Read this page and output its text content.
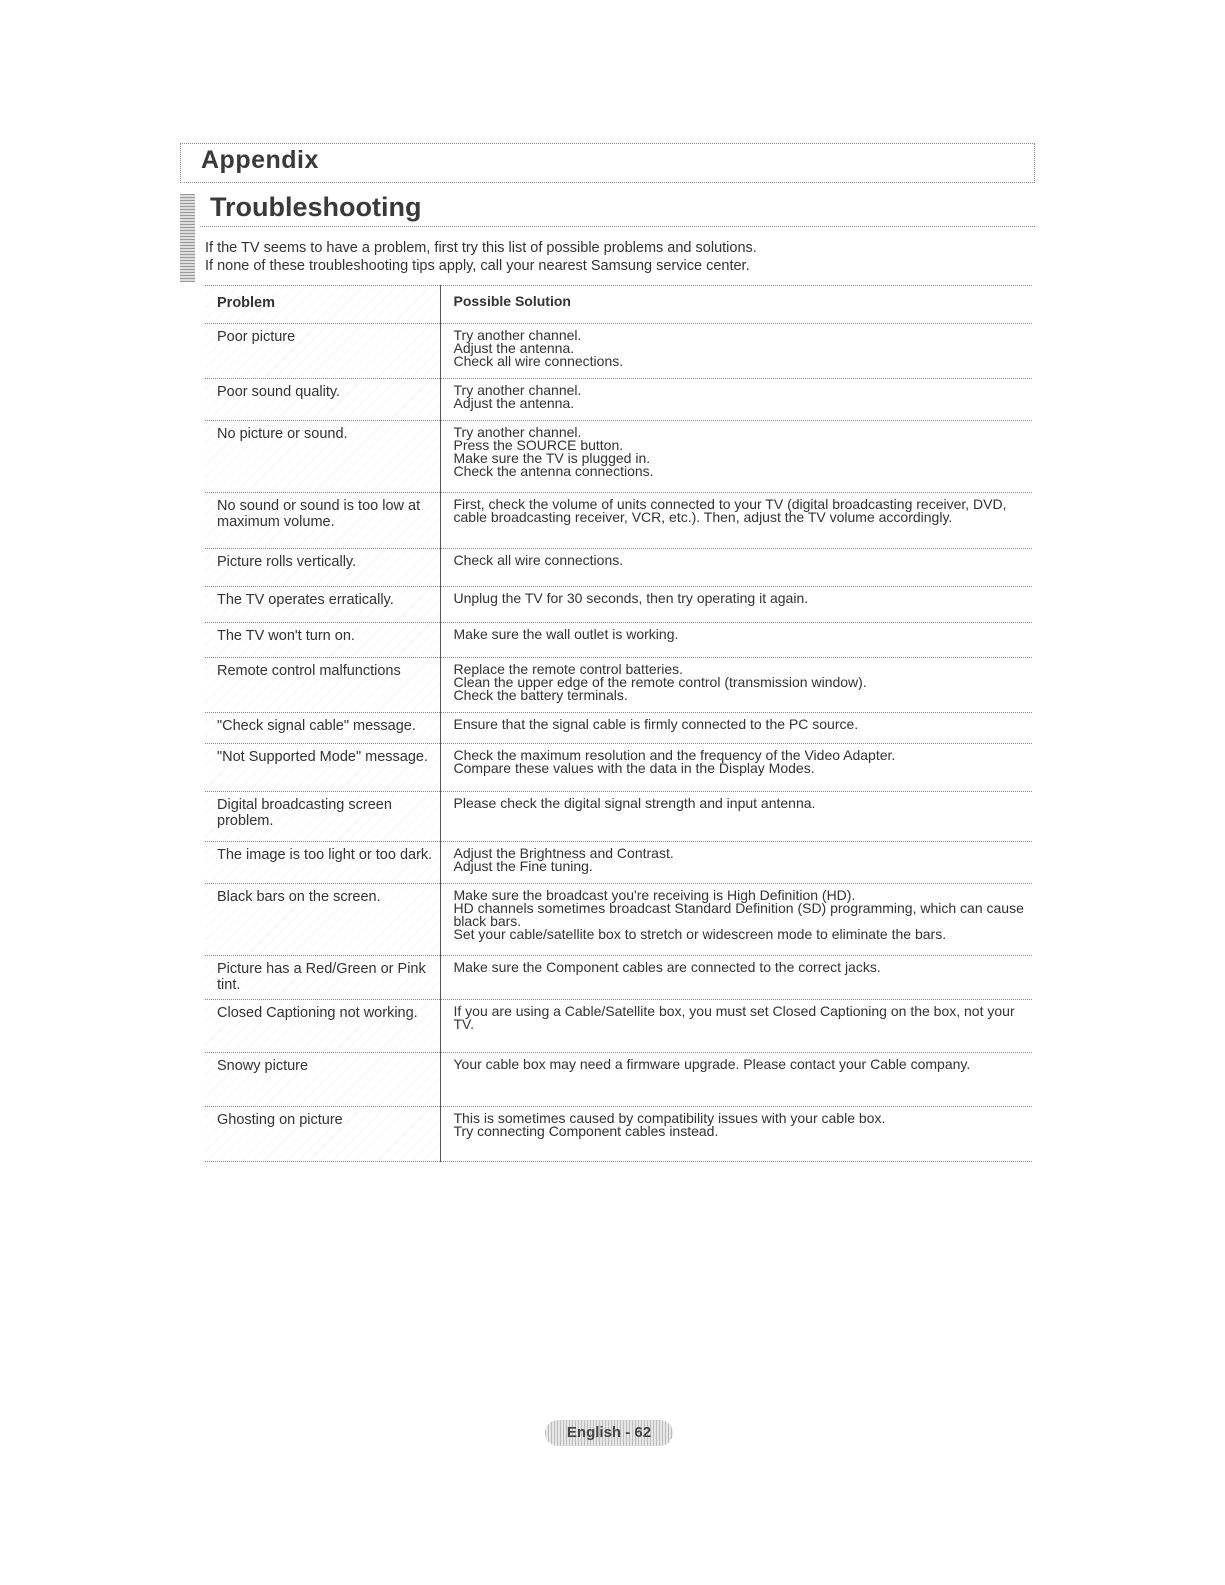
Appendix
Troubleshooting
If the TV seems to have a problem, first try this list of possible problems and solutions.
If none of these troubleshooting tips apply, call your nearest Samsung service center.
Problem	Possible Solution

Poor picture	Try another channel.
Adjust the antenna.
Check all wire connections.

Poor sound quality.	Try another channel.
Adjust the antenna.

No picture or sound.	Try another channel.
Press the SOURCE button.
Make sure the TV is plugged in.
Check the antenna connections.

No sound or sound is too low at maximum volume.	First, check the volume of units connected to your TV (digital broadcasting receiver, DVD, cable broadcasting receiver, VCR, etc.). Then, adjust the TV volume accordingly.

Picture rolls vertically.	Check all wire connections.

The TV operates erratically.	Unplug the TV for 30 seconds, then try operating it again.

The TV won't turn on.	Make sure the wall outlet is working.

Remote control malfunctions	Replace the remote control batteries.
Clean the upper edge of the remote control (transmission window).
Check the battery terminals.

"Check signal cable" message.	Ensure that the signal cable is firmly connected to the PC source.

"Not Supported Mode" message.	Check the maximum resolution and the frequency of the Video Adapter.
Compare these values with the data in the Display Modes.

Digital broadcasting screen problem.	Please check the digital signal strength and input antenna.

The image is too light or too dark.	Adjust the Brightness and Contrast.
Adjust the Fine tuning.

Black bars on the screen.	Make sure the broadcast you're receiving is High Definition (HD).
HD channels sometimes broadcast Standard Definition (SD) programming, which can cause black bars.
Set your cable/satellite box to stretch or widescreen mode to eliminate the bars.

Picture has a Red/Green or Pink tint.	Make sure the Component cables are connected to the correct jacks.

Closed Captioning not working.	If you are using a Cable/Satellite box, you must set Closed Captioning on the box, not your TV.

Snowy picture	Your cable box may need a firmware upgrade. Please contact your Cable company.

Ghosting on picture	This is sometimes caused by compatibility issues with your cable box.
Try connecting Component cables instead.
English - 62
